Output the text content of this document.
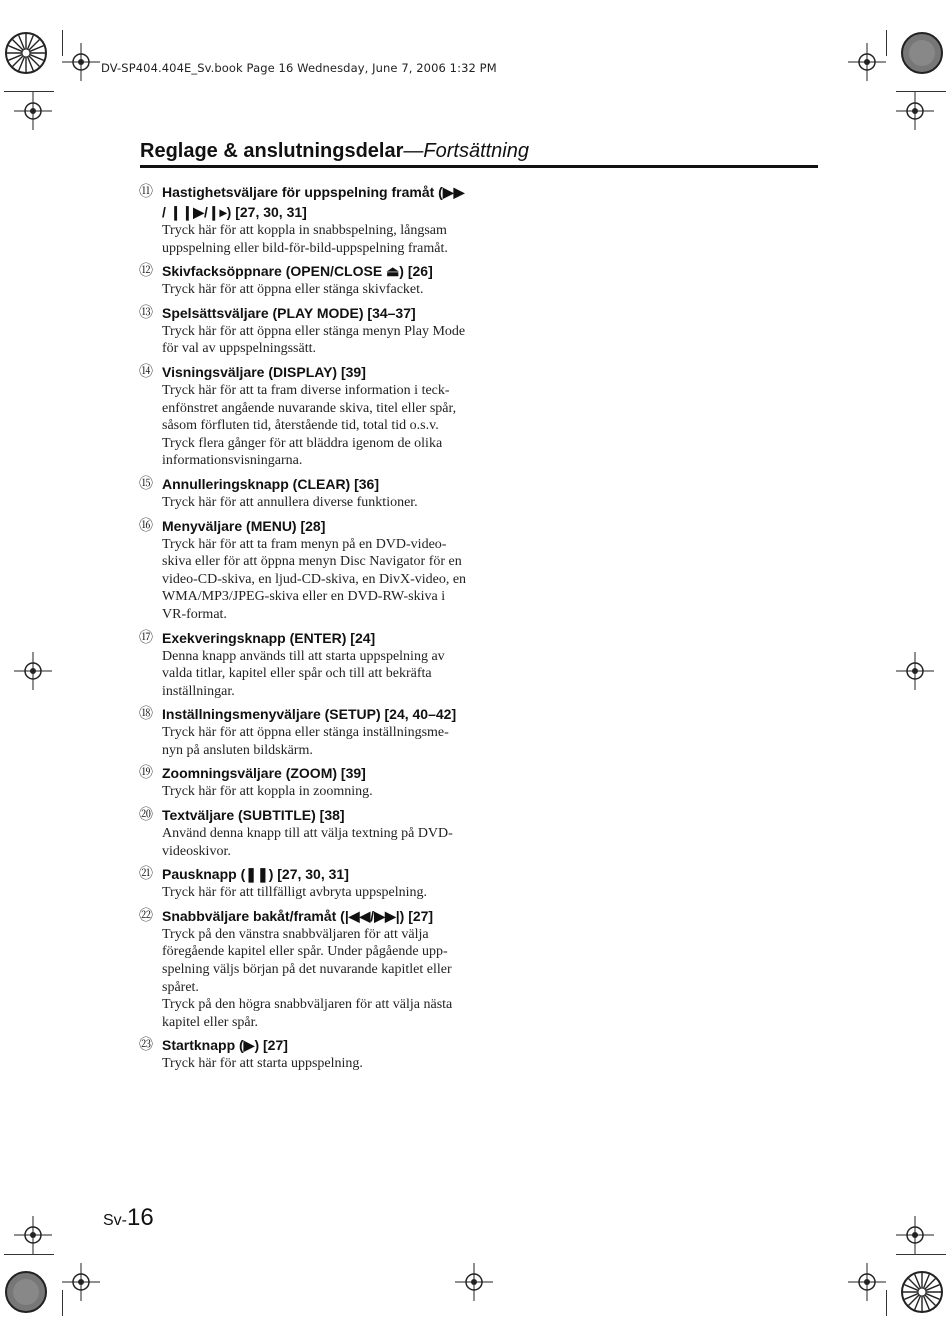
DV-SP404.404E_Sv.book Page 16 Wednesday, June 7, 2006 1:32 PM
Reglage & anslutningsdelar—Fortsättning
⑪ Hastighetsväljare för uppspelning framåt (▶▶ / ❙❙▶/❙▸) [27, 30, 31]

Tryck här för att koppla in snabbspelning, långsam uppspelning eller bild-för-bild-uppspelning framåt.

⑫ Skivfacksöppnare (OPEN/CLOSE ⏏) [26]

Tryck här för att öppna eller stänga skivfacket.

⑬ Spelsättsväljare (PLAY MODE) [34–37]

Tryck här för att öppna eller stänga menyn Play Mode för val av uppspelningssätt.

⑭ Visningsväljare (DISPLAY) [39]

Tryck här för att ta fram diverse information i teck-enfönstret angående nuvarande skiva, titel eller spår, såsom förfluten tid, återstående tid, total tid o.s.v. Tryck flera gånger för att bläddra igenom de olika informationsvisningarna.

⑮ Annulleringsknapp (CLEAR) [36]

Tryck här för att annullera diverse funktioner.

⑯ Menyväljare (MENU) [28]

Tryck här för att ta fram menyn på en DVD-video-skiva eller för att öppna menyn Disc Navigator för en video-CD-skiva, en ljud-CD-skiva, en DivX-video, en WMA/MP3/JPEG-skiva eller en DVD-RW-skiva i VR-format.

⑰ Exekveringsknapp (ENTER) [24]

Denna knapp används till att starta uppspelning av valda titlar, kapitel eller spår och till att bekräfta inställningar.

⑱ Inställningsmenyväljare (SETUP) [24, 40–42]

Tryck här för att öppna eller stänga inställningsme-nyn på ansluten bildskärm.

⑲ Zoomningsväljare (ZOOM) [39]

Tryck här för att koppla in zoomning.

⑳ Textväljare (SUBTITLE) [38]

Använd denna knapp till att välja textning på DVD-videoskivor.

㉑ Pausknapp (❚❚) [27, 30, 31]

Tryck här för att tillfälligt avbryta uppspelning.

㉒ Snabbväljare bakåt/framåt (|◀◀/▶▶|) [27]

Tryck på den vänstra snabbväljaren för att välja föregående kapitel eller spår. Under pågående upp-spelning väljs början på det nuvarande kapitlet eller spåret.

Tryck på den högra snabbväljaren för att välja nästa kapitel eller spår.

㉓ Startknapp (▶) [27]

Tryck här för att starta uppspelning.

Sv-16
